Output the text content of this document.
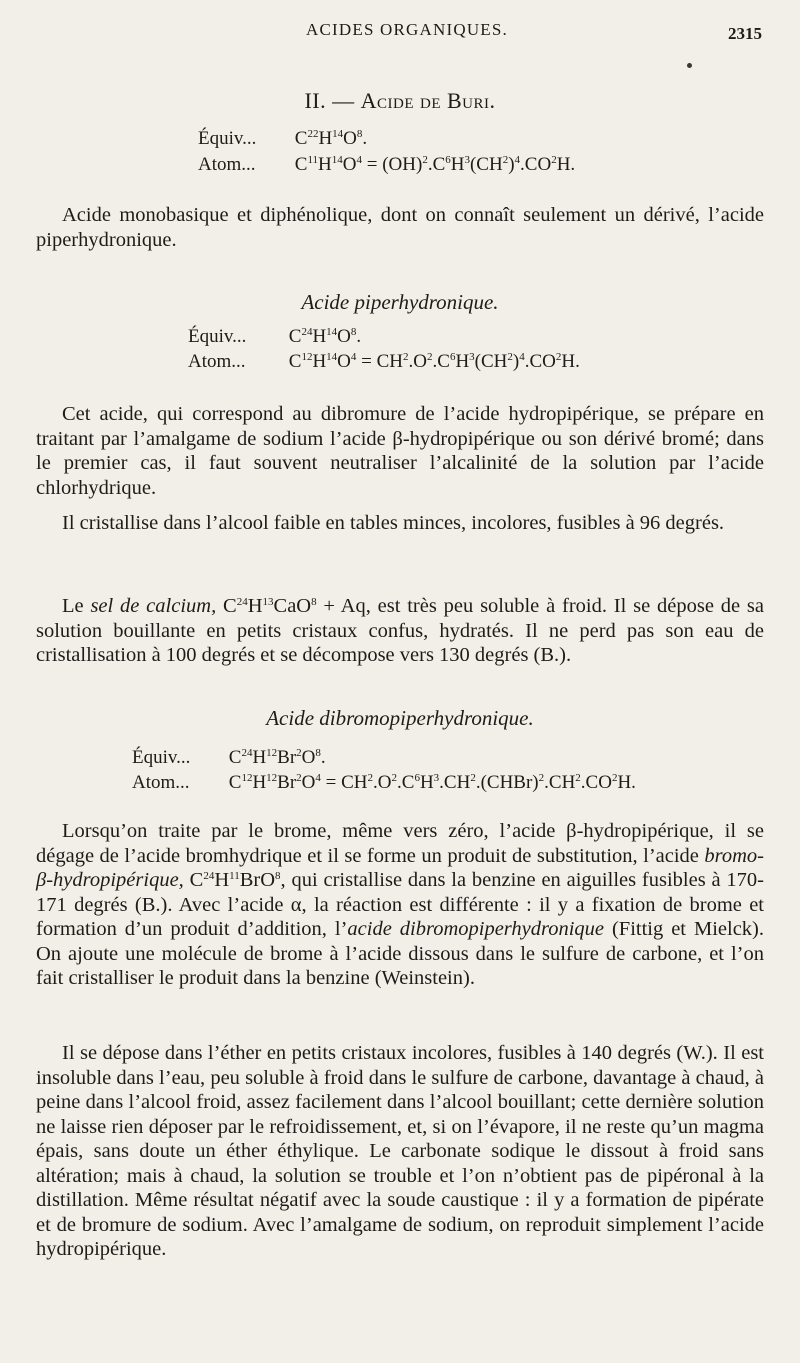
ACIDES ORGANIQUES.	2315
II. — Acide de Buri.
Équiv... $C^{22}H^{14}O^8$.
Atom... $C^{11}H^{14}O^4 = (OH)^2.C^6H^3(CH^2)^4.CO^2H$.

Acide monobasique et diphénolique, dont on connaît seulement un dérivé, l’acide piperhydronique.

Acide piperhydronique.
Équiv... $C^{24}H^{14}O^8$.
Atom... $C^{12}H^{14}O^4 = CH^2.O^2.C^6H^3(CH^2)^4.CO^2H$.

Cet acide, qui correspond au dibromure de l’acide hydropipérique, se prépare en traitant par l’amalgame de sodium l’acide β-hydropipérique ou son dérivé bromé; dans le premier cas, il faut souvent neutraliser l’alcalinité de la solution par l’acide chlorhydrique.

Il cristallise dans l’alcool faible en tables minces, incolores, fusibles à 96 degrés.

Le sel de calcium, $C^{24}H^{13}CaO^8 + Aq$, est très peu soluble à froid. Il se dépose de sa solution bouillante en petits cristaux confus, hydratés. Il ne perd pas son eau de cristallisation à 100 degrés et se décompose vers 130 degrés (B.).

Acide dibromopiperhydronique.
Équiv... $C^{24}H^{12}Br^2O^8$.
Atom... $C^{12}H^{12}Br^2O^4$ = $CH^2.O^2.C^6H^3.CH^2.(CHBr)^2.CH^2.CO^2H$.

Lorsqu’on traite par le brome, même vers zéro, l’acide β-hydropipérique, il se dégage de l’acide bromhydrique et il se forme un produit de substitution, l’acide bromo-β-hydropipérique, $C^{24}H^{11}BrO^8$, qui cristallise dans la benzine en aiguilles fusibles à 170-171 degrés (B.). Avec l’acide α, la réaction est différente : il y a fixation de brome et formation d’un produit d’addition, l’acide dibromopiperhydronique (Fittig et Mielck). On ajoute une molécule de brome à l’acide dissous dans le sulfure de carbone, et l’on fait cristalliser le produit dans la benzine (Weinstein).

Il se dépose dans l’éther en petits cristaux incolores, fusibles à 140 degrés (W.). Il est insoluble dans l’eau, peu soluble à froid dans le sulfure de carbone, davantage à chaud, à peine dans l’alcool froid, assez facilement dans l’alcool bouillant; cette dernière solution ne laisse rien déposer par le refroidissement, et, si on l’évapore, il ne reste qu’un magma épais, sans doute un éther éthylique. Le carbonate sodique le dissout à froid sans altération; mais à chaud, la solution se trouble et l’on n’obtient pas de pipéronal à la distillation. Même résultat négatif avec la soude caustique : il y a formation de pipérate et de bromure de sodium. Avec l’amalgame de sodium, on reproduit simplement l’acide hydropipérique.
